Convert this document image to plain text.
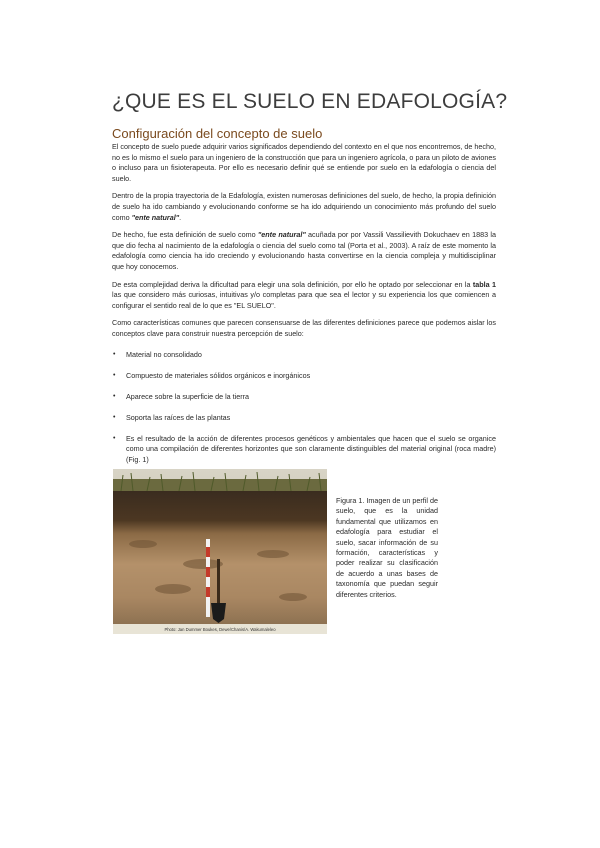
¿QUE ES EL SUELO EN EDAFOLOGÍA?
Configuración del concepto de suelo

El concepto de suelo puede adquirir varios significados dependiendo del contexto en el que nos encontremos, de hecho, no es lo mismo el suelo para un ingeniero de la construcción que para un ingeniero agrícola, o para un piloto de aviones o incluso para un fisioterapeuta. Por ello es necesario definir qué se entiende por suelo en la edafología o ciencia del suelo.

Dentro de la propia trayectoria de la Edafología, existen numerosas definiciones del suelo, de hecho, la propia definición de suelo ha ido cambiando y evolucionando conforme se ha ido adquiriendo un conocimiento más profundo del suelo como "ente natural".

De hecho, fue esta definición de suelo como "ente natural" acuñada por por Vassili Vassilievith Dokuchaev en 1883 la que dio fecha al nacimiento de la edafología o ciencia del suelo como tal (Porta et al., 2003). A raíz de este momento la edafología como ciencia ha ido creciendo y evolucionando hasta convertirse en la ciencia compleja y multidisciplinar que hoy conocemos.

De esta complejidad deriva la dificultad para elegir una sola definición, por ello he optado por seleccionar en la tabla 1 las que considero más curiosas, intuitivas y/o completas para que sea el lector y su experiencia los que comiencen a configurar el sentido real de lo que es "EL SUELO".

Como características comunes que parecen consensuarse de las diferentes definiciones parece que podemos aislar los conceptos clave para construir nuestra percepción de suelo:

• Material no consolidado
• Compuesto de materiales sólidos orgánicos e inorgánicos
• Aparece sobre la superficie de la tierra
• Soporta las raíces de las plantas
• Es el resultado de la acción de diferentes procesos genéticos y ambientales que hacen que el suelo se organice como una compilación de diferentes horizontes que son claramente distinguibles del material original (roca madre) (Fig. 1)
Photo: Jan Dummer Boukes, Dewe/Chanis/A. Wakumaleleo
Figura 1. Imagen de un perfil de suelo, que es la unidad fundamental que utilizamos en edafología para estudiar el suelo, sacar información de su formación, características y poder realizar su clasificación de acuerdo a unas bases de taxonomía que puedan seguir diferentes criterios.
